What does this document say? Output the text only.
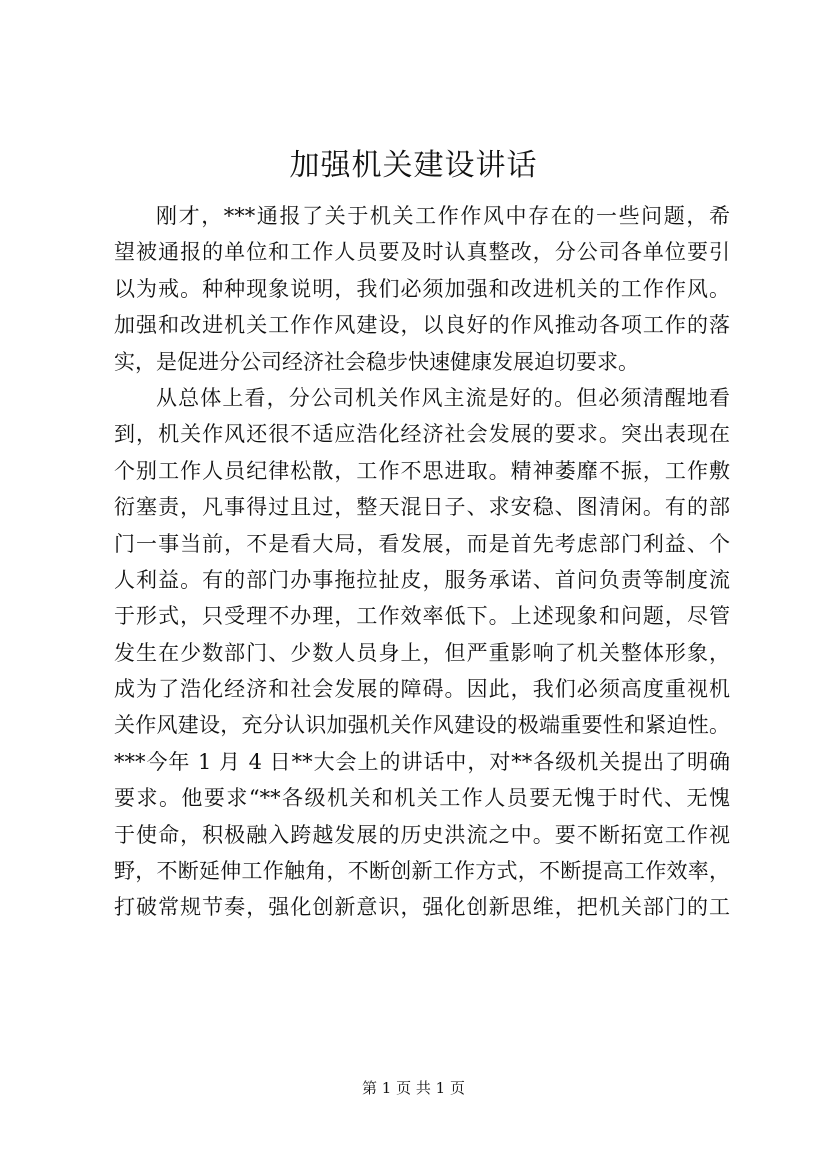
加强机关建设讲话
刚才，***通报了关于机关工作作风中存在的一些问题，希
望被通报的单位和工作人员要及时认真整改，分公司各单位要引
以为戒。种种现象说明，我们必须加强和改进机关的工作作风。
加强和改进机关工作作风建设，以良好的作风推动各项工作的落
实，是促进分公司经济社会稳步快速健康发展迫切要求。
从总体上看，分公司机关作风主流是好的。但必须清醒地看
到，机关作风还很不适应浩化经济社会发展的要求。突出表现在
个别工作人员纪律松散，工作不思进取。精神萎靡不振，工作敷
衍塞责，凡事得过且过，整天混日子、求安稳、图清闲。有的部
门一事当前，不是看大局，看发展，而是首先考虑部门利益、个
人利益。有的部门办事拖拉扯皮，服务承诺、首问负责等制度流
于形式，只受理不办理，工作效率低下。上述现象和问题，尽管
发生在少数部门、少数人员身上，但严重影响了机关整体形象，
成为了浩化经济和社会发展的障碍。因此，我们必须高度重视机
关作风建设，充分认识加强机关作风建设的极端重要性和紧迫性。
***今年 1 月 4 日**大会上的讲话中，对**各级机关提出了明确
要求。他要求“**各级机关和机关工作人员要无愧于时代、无愧
于使命，积极融入跨越发展的历史洪流之中。要不断拓宽工作视
野，不断延伸工作触角，不断创新工作方式，不断提高工作效率，
打破常规节奏，强化创新意识，强化创新思维，把机关部门的工
第 1 页 共 1 页
